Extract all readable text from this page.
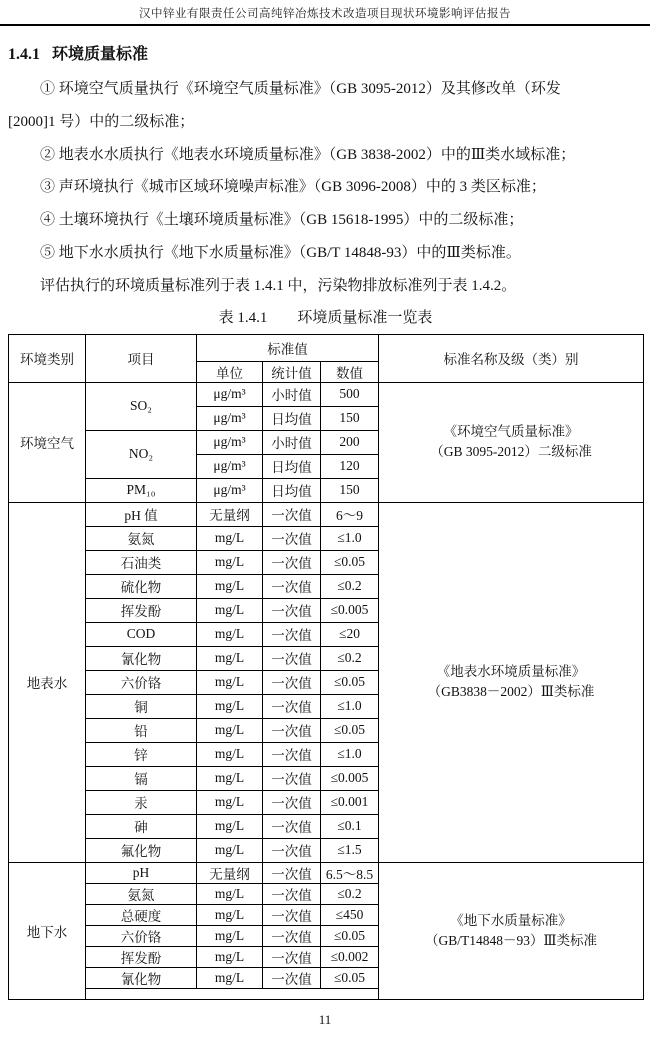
汉中锌业有限责任公司高纯锌冶炼技术改造项目现状环境影响评估报告
1.4.1 环境质量标准
① 环境空气质量执行《环境空气质量标准》（GB 3095-2012）及其修改单（环发
[2000]1 号）中的二级标准；
② 地表水水质执行《地表水环境质量标准》（GB 3838-2002）中的Ⅲ类水域标准；
③ 声环境执行《城市区域环境噪声标准》（GB 3096-2008）中的 3 类区标准；
④ 土壤环境执行《土壤环境质量标准》（GB 15618-1995）中的二级标准；
⑤ 地下水水质执行《地下水质量标准》（GB/T 14848-93）中的Ⅲ类标准。
评估执行的环境质量标准列于表 1.4.1 中，污染物排放标准列于表 1.4.2。
表 1.4.1 环境质量标准一览表
环境类别	项目	标准值			标准名称及级（类）别
		单位	统计值	数值	
环境空气	SO₂	μg/m³	小时值	500	《环境空气质量标准》
（GB 3095-2012）二级标准

		μg/m³	日均值	150	
	NO₂	μg/m³	小时值	200	
		μg/m³	日均值	120	
	PM₁₀	μg/m³	日均值	150	
地表水	pH 值	无量纲	一次值	6～9	《地表水环境质量标准》
（GB3838－2002）Ⅲ类标准

	氨氮	mg/L	一次值	≤1.0	
	石油类	mg/L	一次值	≤0.05	
	硫化物	mg/L	一次值	≤0.2	
	挥发酚	mg/L	一次值	≤0.005	
	COD	mg/L	一次值	≤20	
	氰化物	mg/L	一次值	≤0.2	
	六价铬	mg/L	一次值	≤0.05	
	铜	mg/L	一次值	≤1.0	
	铅	mg/L	一次值	≤0.05	
	锌	mg/L	一次值	≤1.0	
	镉	mg/L	一次值	≤0.005	
	汞	mg/L	一次值	≤0.001	
	砷	mg/L	一次值	≤0.1	
	氟化物	mg/L	一次值	≤1.5	
地下水	pH	无量纲	一次值	6.5～8.5	《地下水质量标准》
（GB/T14848－93）Ⅲ类标准

	氨氮	mg/L	一次值	≤0.2	
	总硬度	mg/L	一次值	≤450	
	六价铬	mg/L	一次值	≤0.05	
	挥发酚	mg/L	一次值	≤0.002	
	氰化物	mg/L	一次值	≤0.05	

11
